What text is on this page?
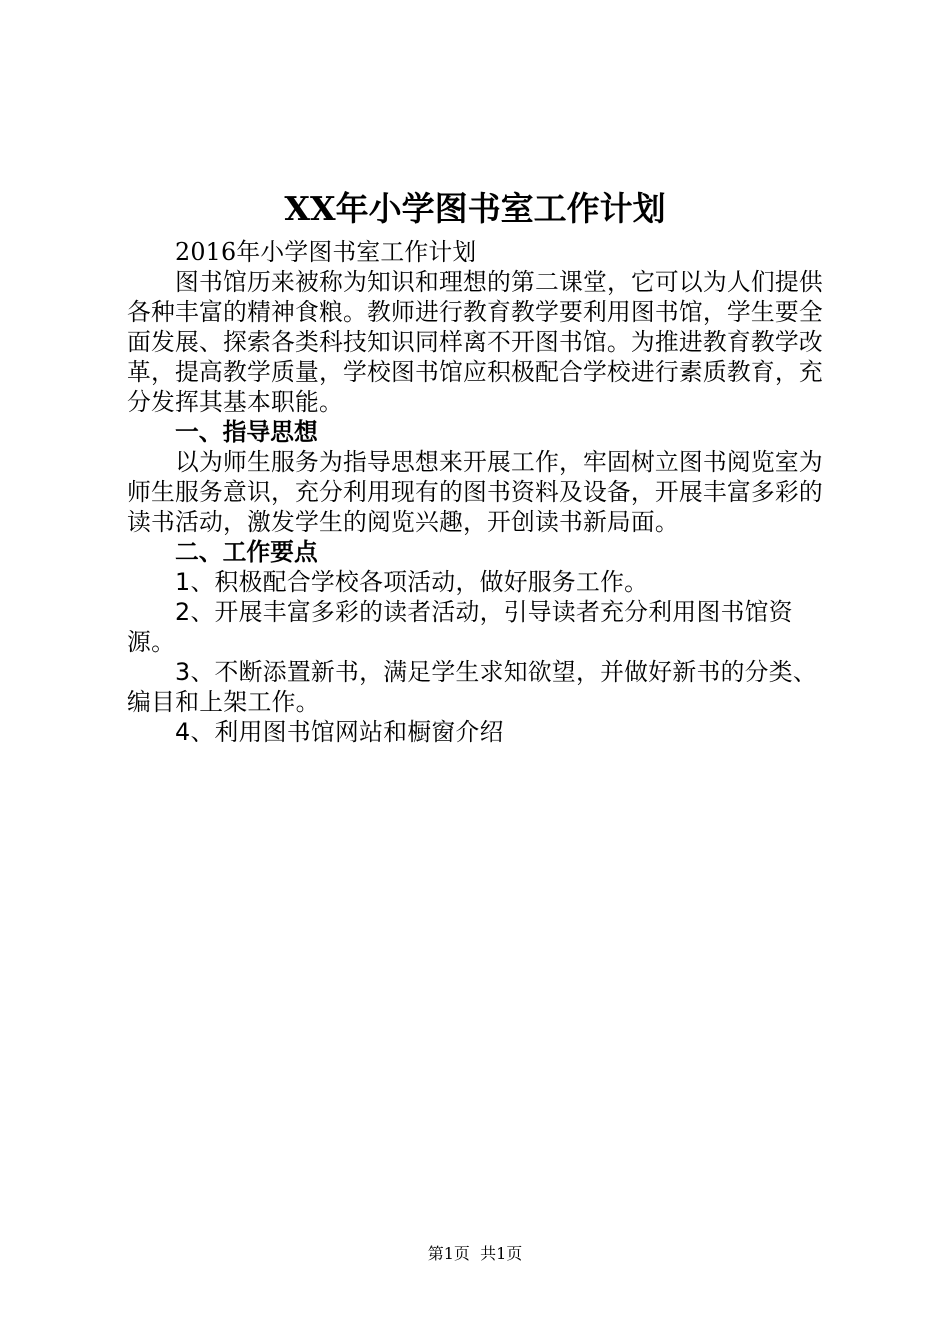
XX年小学图书室工作计划

2016年小学图书室工作计划

图书馆历来被称为知识和理想的第二课堂，它可以为人们提供各种丰富的精神食粮。教师进行教育教学要利用图书馆，学生要全面发展、探索各类科技知识同样离不开图书馆。为推进教育教学改革，提高教学质量，学校图书馆应积极配合学校进行素质教育，充分发挥其基本职能。

一、指导思想

以为师生服务为指导思想来开展工作，牢固树立图书阅览室为师生服务意识，充分利用现有的图书资料及设备，开展丰富多彩的读书活动，激发学生的阅览兴趣，开创读书新局面。

二、工作要点

1、积极配合学校各项活动，做好服务工作。

2、开展丰富多彩的读者活动，引导读者充分利用图书馆资源。

3、不断添置新书，满足学生求知欲望，并做好新书的分类、编目和上架工作。

4、利用图书馆网站和橱窗介绍

第1页  共1页
